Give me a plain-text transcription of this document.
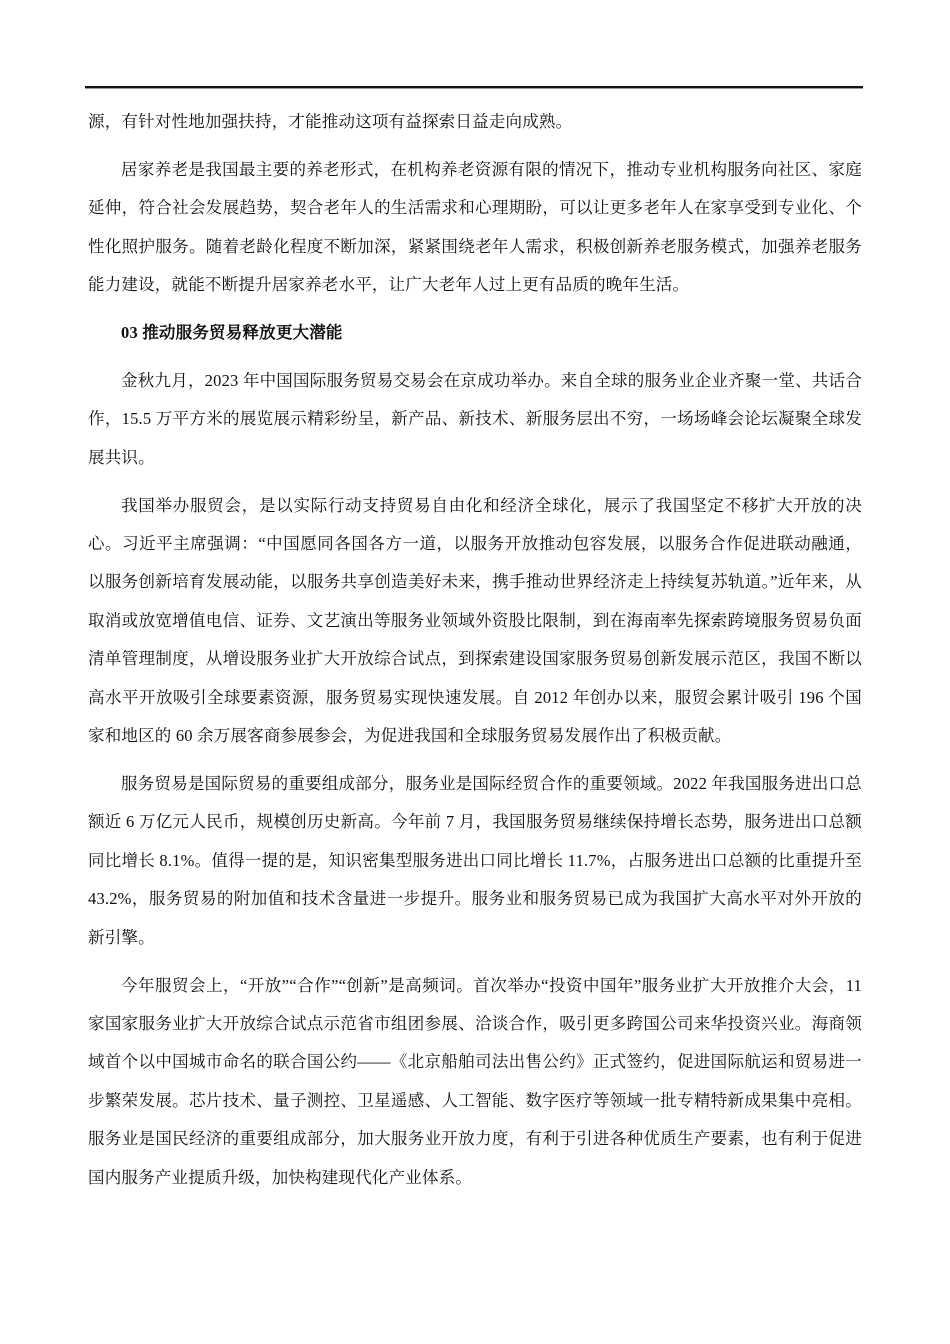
源，有针对性地加强扶持，才能推动这项有益探索日益走向成熟。

居家养老是我国最主要的养老形式，在机构养老资源有限的情况下，推动专业机构服务向社区、家庭延伸，符合社会发展趋势，契合老年人的生活需求和心理期盼，可以让更多老年人在家享受到专业化、个性化照护服务。随着老龄化程度不断加深，紧紧围绕老年人需求，积极创新养老服务模式，加强养老服务能力建设，就能不断提升居家养老水平，让广大老年人过上更有品质的晚年生活。

03 推动服务贸易释放更大潜能

金秋九月，2023 年中国国际服务贸易交易会在京成功举办。来自全球的服务业企业齐聚一堂、共话合作，15.5 万平方米的展览展示精彩纷呈，新产品、新技术、新服务层出不穷，一场场峰会论坛凝聚全球发展共识。

我国举办服贸会，是以实际行动支持贸易自由化和经济全球化，展示了我国坚定不移扩大开放的决心。习近平主席强调：“中国愿同各国各方一道，以服务开放推动包容发展，以服务合作促进联动融通，以服务创新培育发展动能，以服务共享创造美好未来，携手推动世界经济走上持续复苏轨道。”近年来，从取消或放宽增值电信、证券、文艺演出等服务业领域外资股比限制，到在海南率先探索跨境服务贸易负面清单管理制度，从增设服务业扩大开放综合试点，到探索建设国家服务贸易创新发展示范区，我国不断以高水平开放吸引全球要素资源，服务贸易实现快速发展。自 2012 年创办以来，服贸会累计吸引 196 个国家和地区的 60 余万展客商参展参会，为促进我国和全球服务贸易发展作出了积极贡献。

服务贸易是国际贸易的重要组成部分，服务业是国际经贸合作的重要领域。2022 年我国服务进出口总额近 6 万亿元人民币，规模创历史新高。今年前 7 月，我国服务贸易继续保持增长态势，服务进出口总额同比增长 8.1%。值得一提的是，知识密集型服务进出口同比增长 11.7%，占服务进出口总额的比重提升至 43.2%，服务贸易的附加值和技术含量进一步提升。服务业和服务贸易已成为我国扩大高水平对外开放的新引擎。

今年服贸会上，“开放”“合作”“创新”是高频词。首次举办“投资中国年”服务业扩大开放推介大会，11 家国家服务业扩大开放综合试点示范省市组团参展、洽谈合作，吸引更多跨国公司来华投资兴业。海商领域首个以中国城市命名的联合国公约——《北京船舶司法出售公约》正式签约，促进国际航运和贸易进一步繁荣发展。芯片技术、量子测控、卫星遥感、人工智能、数字医疗等领域一批专精特新成果集中亮相。服务业是国民经济的重要组成部分，加大服务业开放力度，有利于引进各种优质生产要素，也有利于促进国内服务产业提质升级，加快构建现代化产业体系。
